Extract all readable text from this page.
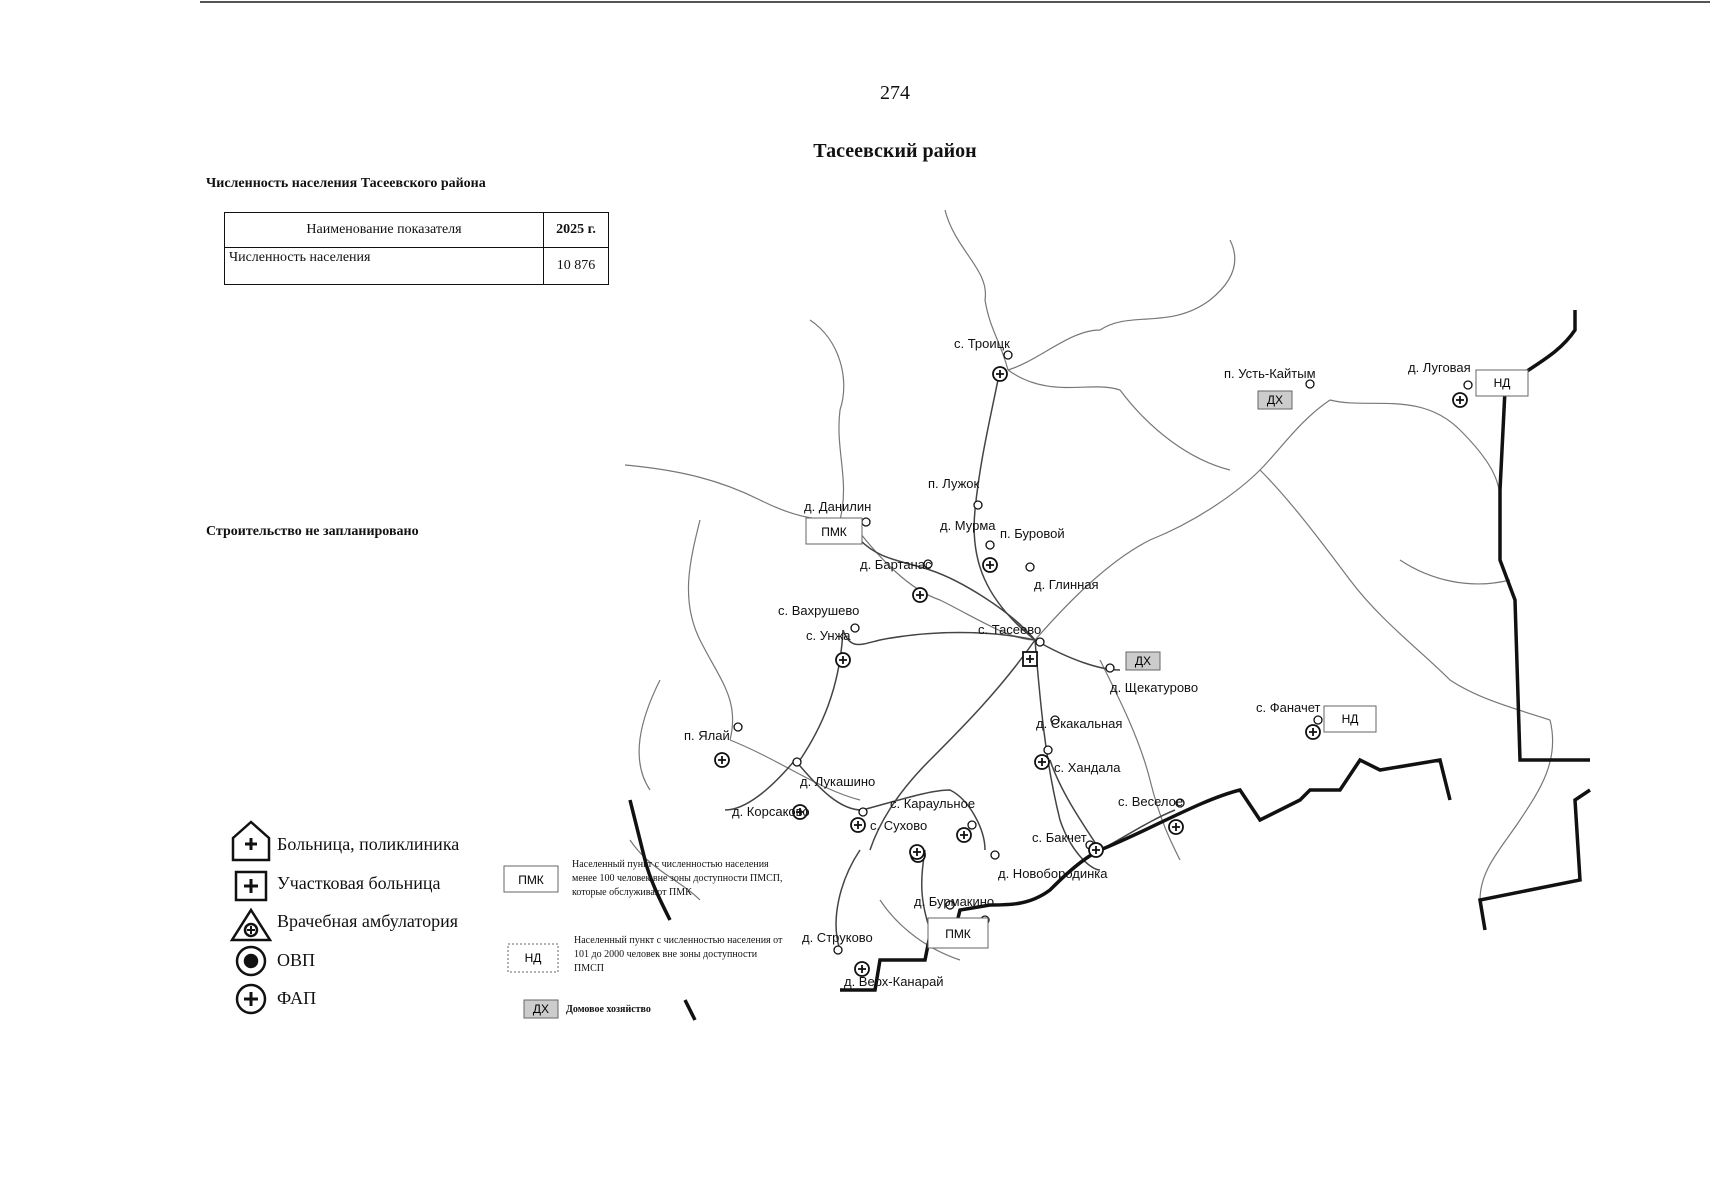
274
Тасеевский район
Численность населения Тасеевского района
Наименование показателя	2025 г.
Численность населения	10 876
Строительство не запланировано	ПМК
ПМК
НД
НД
ДХ
ДХ
с. Троицк
п. Усть-Кайтым	д. Луговая
п. Лужок
д. Данилин
д. Мурма
п. Буровой
д. Бартанас
д. Глинная
с. Вахрушево
с. Унжа	с. Тасеево
д. Щекатурово
с. Фаначет
п. Ялай
д. Скакальная
с. Хандала
д. Лукашино
д. Корсаково
с. Караульное
с. Сухово
с. Веселое
с. Бакчет
д. Новобородинка
д. Бурмакино
д. Струково
д. Верх-Канарай
ПМК
НД
ДХ
Больница, поликлиника
Участковая больница
Врачебная амбулатория
ОВП
ФАП
Населенный пункт с численностью населения менее 100 человек вне зоны доступности ПМСП, которые обслуживают ПМК
Населенный пункт с численностью населения от 101 до 2000 человек вне зоны доступности ПМСП
Домовое хозяйство
